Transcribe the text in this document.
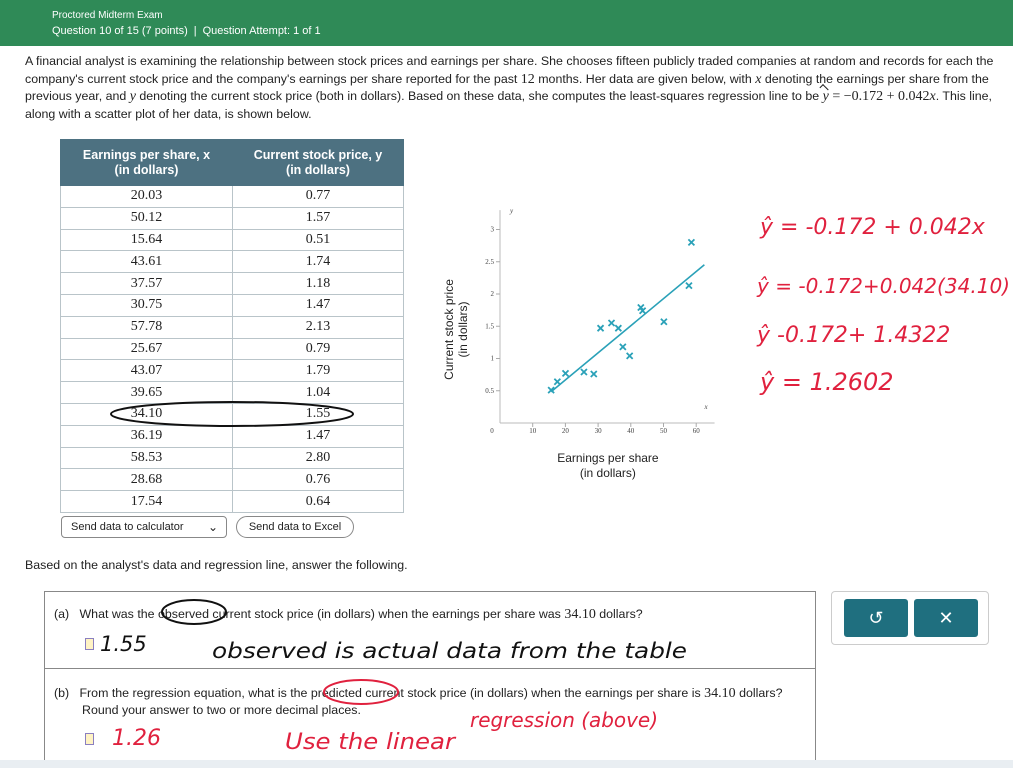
Proctored Midterm Exam
Question 10 of 15 (7 points) | Question Attempt: 1 of 1
A financial analyst is examining the relationship between stock prices and earnings per share. She chooses fifteen publicly traded companies at random and records for each the company's current stock price and the company's earnings per share reported for the past 12 months. Her data are given below, with x denoting the earnings per share from the previous year, and y denoting the current stock price (both in dollars). Based on these data, she computes the least-squares regression line to be y = −0.172 + 0.042x. This line, along with a scatter plot of her data, is shown below.
Earnings per share, x
(in dollars)	Current stock price, y
(in dollars)
20.03	0.77
50.12	1.57
15.64	0.51
43.61	1.74
37.57	1.18
30.75	1.47
57.78	2.13
25.67	0.79
43.07	1.79
39.65	1.04
34.10	1.55
36.19	1.47
58.53	2.80
28.68	0.76
17.54	0.64
Send data to calculator ⌄	Send data to Excel
10	20	30	40	50	60
0.5
1
1.5
2
2.5
3
0
x
y
Earnings per share
(in dollars)
Current stock price (in dollars)
Based on the analyst's data and regression line, answer the following.
(a) What was the observed current stock price (in dollars) when the earnings per share was 34.10 dollars?
(b) From the regression equation, what is the predicted current stock price (in dollars) when the earnings per share is 34.10 dollars? Round your answer to two or more decimal places.
↺	✕
ŷ = -0.172 + 0.042x
ŷ = -0.172+0.042(34.10)
ŷ -0.172+ 1.4322
ŷ = 1.2602
1.55	observed is actual data from the table
1.26	Use the linear
regression (above)
